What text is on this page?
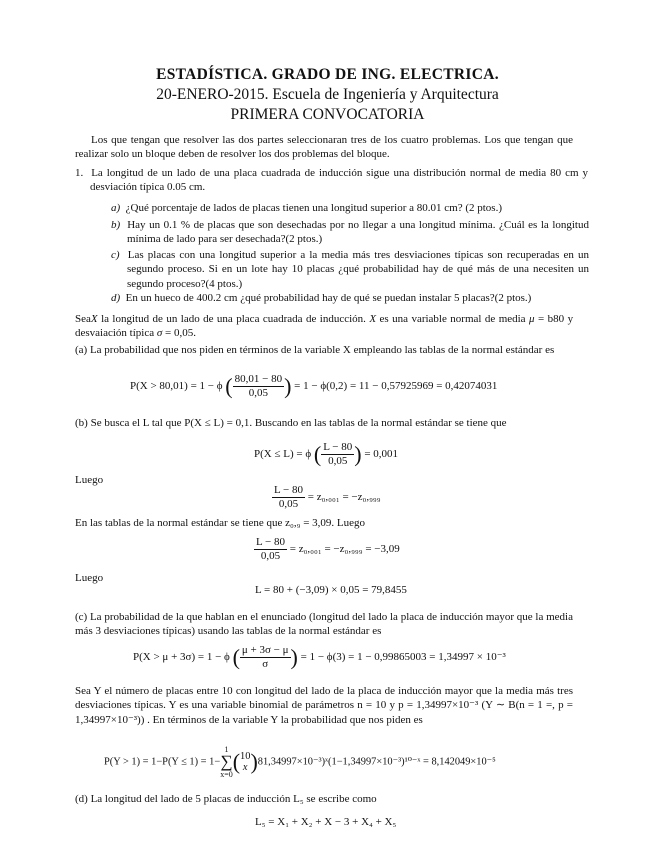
ESTADÍSTICA. GRADO DE ING. ELECTRICA.
20-ENERO-2015. Escuela de Ingeniería y Arquitectura
PRIMERA CONVOCATORIA
Los que tengan que resolver las dos partes seleccionaran tres de los cuatro problemas. Los que tengan que realizar solo un bloque deben de resolver los dos problemas del bloque.
1. La longitud de un lado de una placa cuadrada de inducción sigue una distribución normal de media 80 cm y desviación típica 0.05 cm.
a) ¿Qué porcentaje de lados de placas tienen una longitud superior a 80.01 cm? (2 ptos.)
b) Hay un 0.1 % de placas que son desechadas por no llegar a una longitud mínima. ¿Cuál es la longitud mínima de lado para ser desechada?(2 ptos.)
c) Las placas con una longitud superior a la media más tres desviaciones típicas son recuperadas en un segundo proceso. Si en un lote hay 10 placas ¿qué probabilidad hay de qué más de una necesiten un segundo proceso?(4 ptos.)
d) En un hueco de 400.2 cm ¿qué probabilidad hay de qué se puedan instalar 5 placas?(2 ptos.)
SeaX la longitud de un lado de una placa cuadrada de inducción. X es una variable normal de media μ = b80 y desvaiación típica σ = 0,05.
(a) La probabilidad que nos piden en términos de la variable X empleando las tablas de la normal estándar es
P(X > 80,01) = 1 − ϕ ( $\frac{80,01 - 80}{0,05}$ ) = 1 − ϕ(0,2) = 11 − 0,57925969 = 0,42074031
(b) Se busca el L tal que P(X ≤ L) = 0,1. Buscando en las tablas de la normal estándar se tiene que
P(X ≤ L) = ϕ ( $\frac{L - 80}{0,05}$ ) = 0,001
Luego
$\frac{L - 80}{0,05} = z_0,_{001} = -z_0,_{999}$
En las tablas de la normal estándar se tiene que z₀,₉ = 3,09. Luego
$\frac{L - 80}{0,05} = z_0,_{001} = -z_0,_{999} = -3,09$
Luego
L = 80 + (−3,09) × 0,05 = 79,8455
(c) La probabilidad de la que hablan en el enunciado (longitud del lado la placa de inducción mayor que la media más 3 desviaciones típicas) usando las tablas de la normal estándar es
P(X > μ + 3σ) = 1 − ϕ ( $\frac{\mu + 3\sigma - \mu}{\sigma}$ ) = 1 − ϕ(3) = 1 − 0,99865003 = 1,34997 × 10⁻³
Sea Y el número de placas entre 10 con longitud del lado de la placa de inducción mayor que la media más tres desviaciones típicas. Y es una variable binomial de parámetros n = 10 y p = 1,34997×10⁻³ (Y ∼ B(n = 1 =, p = 1,34997×10⁻³)) . En términos de la variable Y la probabilidad que nos piden es
P(Y > 1) = 1−P(Y ≤ 1) = 1−1
∑
x=0( 10
x )81,34997×10⁻³)ˣ(1−1,34997×10⁻³)¹⁰⁻ˣ = 8,142049×10⁻⁵
(d) La longitud del lado de 5 placas de inducción L₅ se escribe como
L₅ = X₁ + X₂ + X − 3 + X₄ + X₅
